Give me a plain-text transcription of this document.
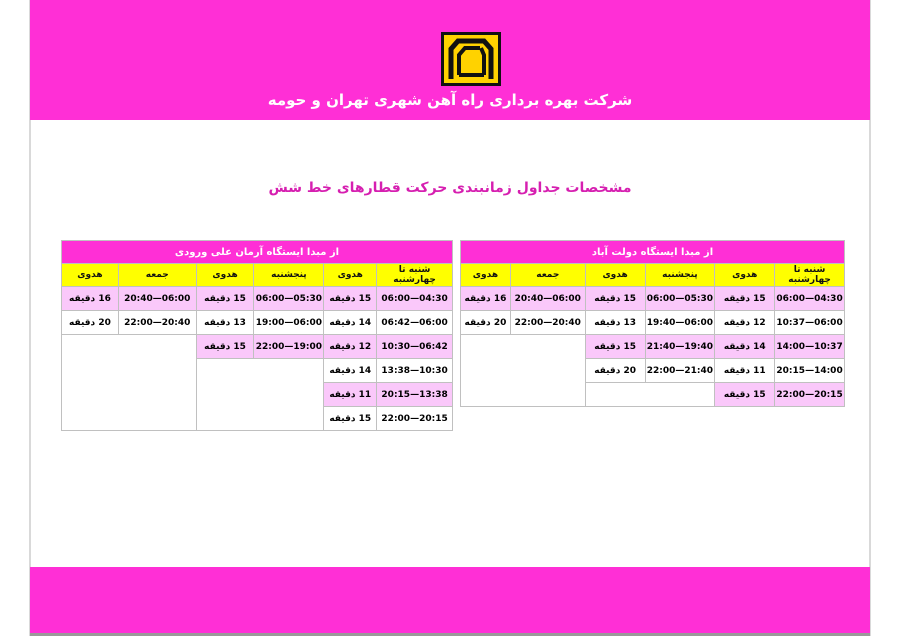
شرکت بهره برداری راه آهن شهری تهران و حومه
مشخصات جداول زمانبندی حرکت قطارهای خط شش
از مبدا ایستگاه دولت آباد					
شنبه تا چهارشنبه	هدوی	پنجشنبه	هدوی	جمعه	هدوی
04:30—06:00	15 دقیقه	05:30—06:00	15 دقیقه	06:00—20:40	16 دقیقه
06:00—10:37	12 دقیقه	06:00—19:40	13 دقیقه	20:40—22:00	20 دقیقه
10:37—14:00	14 دقیقه	19:40—21:40	15 دقیقه		
14:00—20:15	11 دقیقه	21:40—22:00	20 دقیقه		
20:15—22:00	15 دقیقه				
از مبدا ایستگاه آرمان علی ورودی					
شنبه تا چهارشنبه	هدوی	پنجشنبه	هدوی	جمعه	هدوی
04:30—06:00	15 دقیقه	05:30—06:00	15 دقیقه	06:00—20:40	16 دقیقه
06:00—06:42	14 دقیقه	06:00—19:00	13 دقیقه	20:40—22:00	20 دقیقه
06:42—10:30	12 دقیقه	19:00—22:00	15 دقیقه		
10:30—13:38	14 دقیقه				
13:38—20:15	11 دقیقه				
20:15—22:00	15 دقیقه				
